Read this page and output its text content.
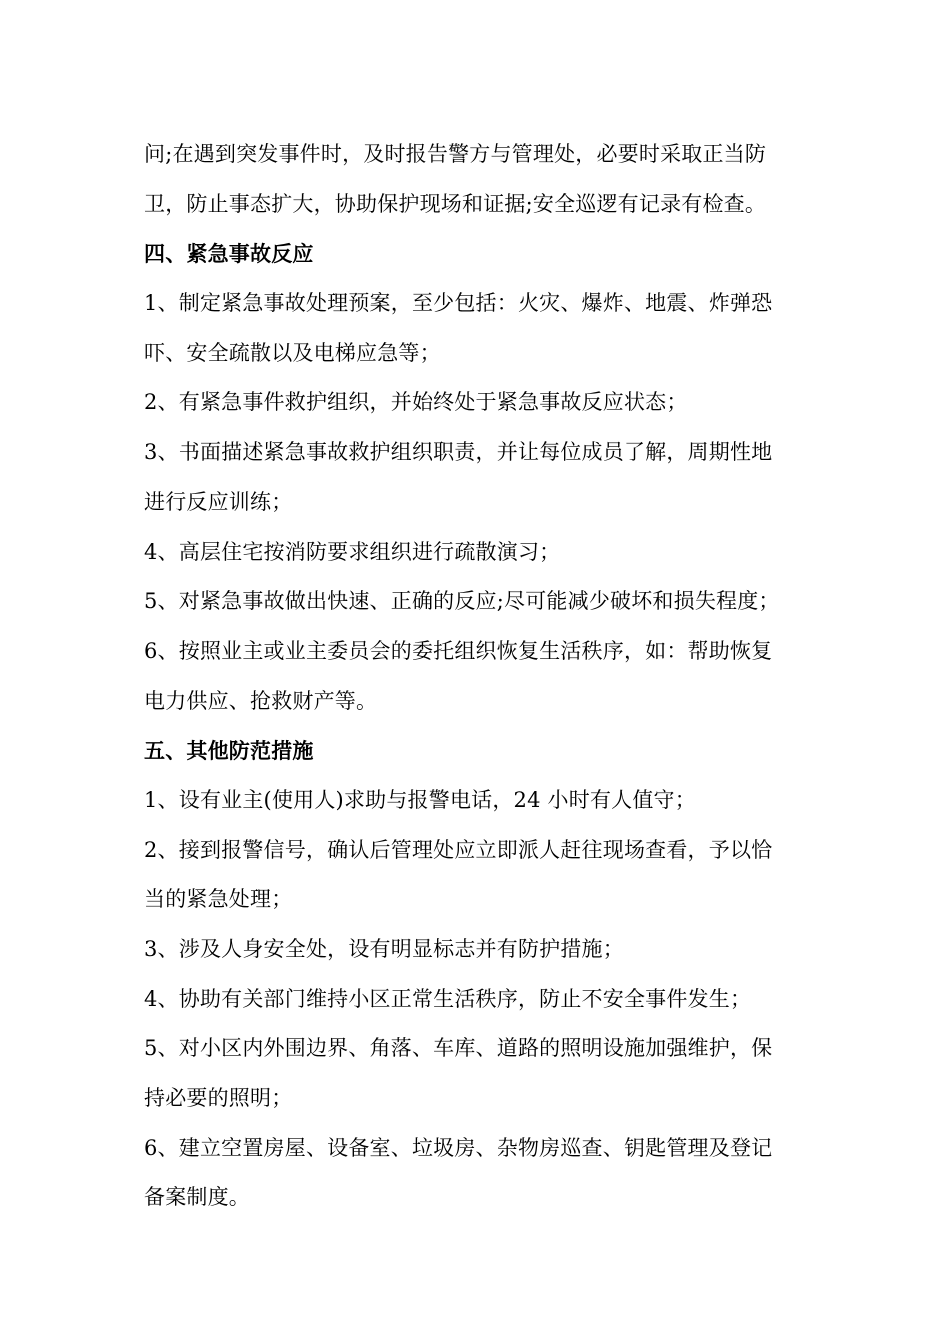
问;在遇到突发事件时，及时报告警方与管理处，必要时采取正当防
卫，防止事态扩大，协助保护现场和证据;安全巡逻有记录有检查。
四、紧急事故反应
1、制定紧急事故处理预案，至少包括：火灾、爆炸、地震、炸弹恐
吓、安全疏散以及电梯应急等；
2、有紧急事件救护组织，并始终处于紧急事故反应状态；
3、书面描述紧急事故救护组织职责，并让每位成员了解，周期性地
进行反应训练；
4、高层住宅按消防要求组织进行疏散演习；
5、对紧急事故做出快速、正确的反应;尽可能减少破坏和损失程度；
6、按照业主或业主委员会的委托组织恢复生活秩序，如：帮助恢复
电力供应、抢救财产等。
五、其他防范措施
1、设有业主(使用人)求助与报警电话，24 小时有人值守；
2、接到报警信号，确认后管理处应立即派人赶往现场查看，予以恰
当的紧急处理；
3、涉及人身安全处，设有明显标志并有防护措施；
4、协助有关部门维持小区正常生活秩序，防止不安全事件发生；
5、对小区内外围边界、角落、车库、道路的照明设施加强维护，保
持必要的照明；
6、建立空置房屋、设备室、垃圾房、杂物房巡查、钥匙管理及登记
备案制度。
